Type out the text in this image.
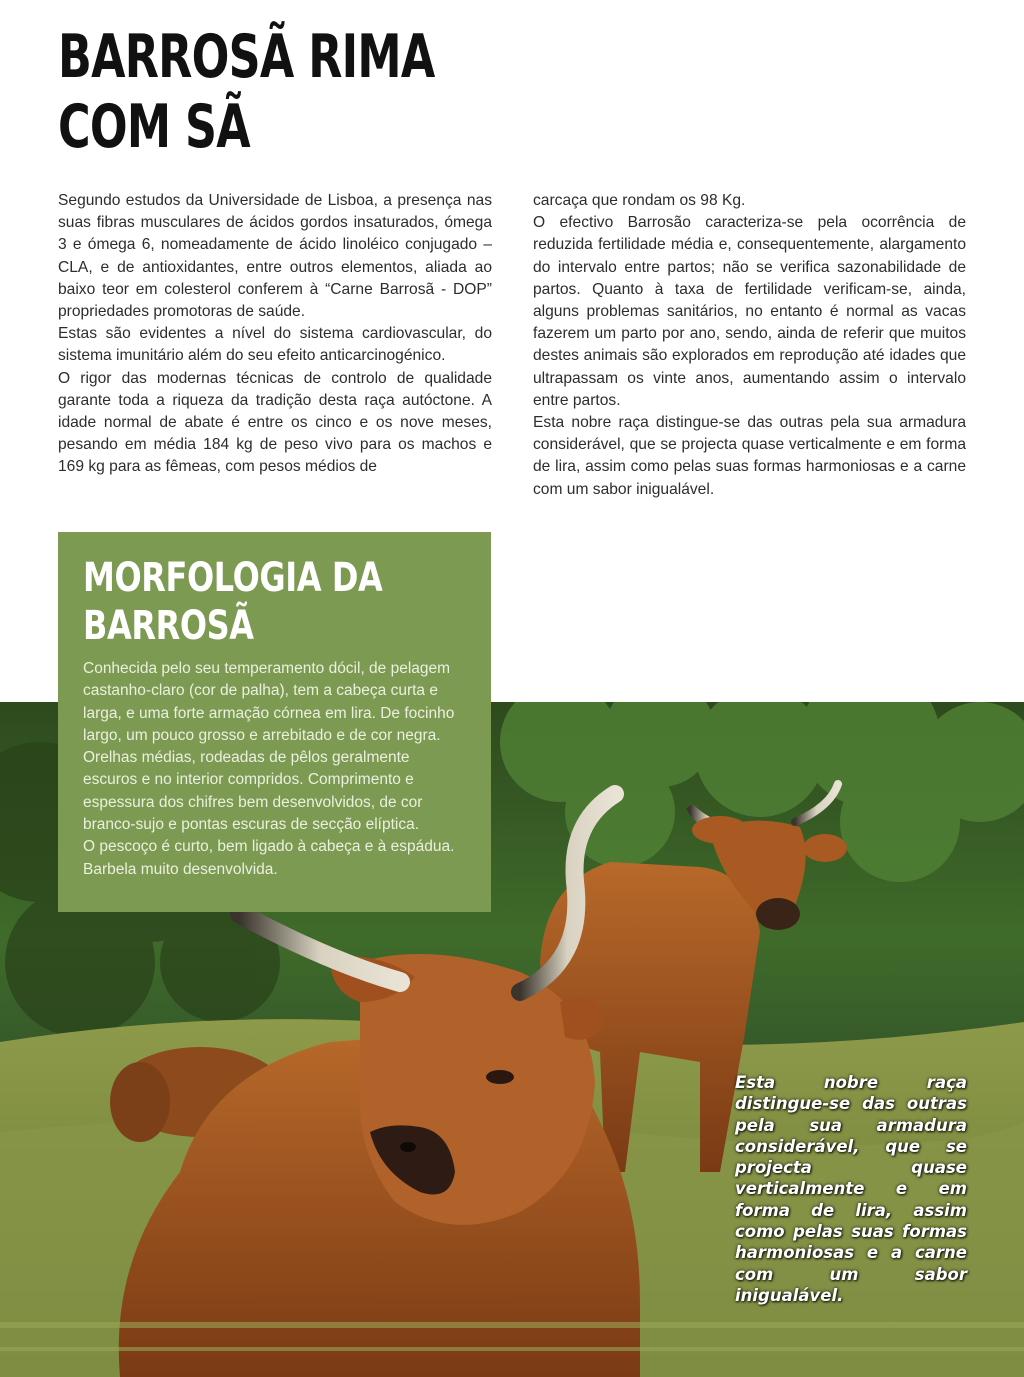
BARROSÃ RIMA
COM SÃ

Segundo estudos da Universidade de Lisboa, a presença nas suas fibras musculares de ácidos gordos insaturados, ómega 3 e ómega 6, nomeadamente de ácido linoléico conjugado – CLA, e de antioxidantes, entre outros elementos, aliada ao baixo teor em colesterol conferem à “Carne Barrosã - DOP” propriedades promotoras de saúde.

Estas são evidentes a nível do sistema cardiovascular, do sistema imunitário além do seu efeito anticarcinogénico.

O rigor das modernas técnicas de controlo de qualidade garante toda a riqueza da tradição desta raça autóctone. A idade normal de abate é entre os cinco e os nove meses, pesando em média 184 kg de peso vivo para os machos e 169 kg para as fêmeas, com pesos médios de

carcaça que rondam os 98 Kg.

O efectivo Barrosão caracteriza-se pela ocorrência de reduzida fertilidade média e, consequentemente, alargamento do intervalo entre partos; não se verifica sazonabilidade de partos. Quanto à taxa de fertilidade verificam-se, ainda, alguns problemas sanitários, no entanto é normal as vacas fazerem um parto por ano, sendo, ainda de referir que muitos destes animais são explorados em reprodução até idades que ultrapassam os vinte anos, aumentando assim o intervalo entre partos.

Esta nobre raça distingue-se das outras pela sua armadura considerável, que se projecta quase verticalmente e em forma de lira, assim como pelas suas formas harmoniosas e a carne com um sabor inigualável.

MORFOLOGIA DA
BARROSÃ

Conhecida pelo seu temperamento dócil, de pelagem castanho-claro (cor de palha), tem a cabeça curta e larga, e uma forte armação córnea em lira. De focinho largo, um pouco grosso e arrebitado e de cor negra. Orelhas médias, rodeadas de pêlos geralmente escuros e no interior compridos. Comprimento e espessura dos chifres bem desenvolvidos, de cor branco-sujo e pontas escuras de secção elíptica.

O pescoço é curto, bem ligado à cabeça e à espádua. Barbela muito desenvolvida.

Esta nobre raça distingue-se das outras pela sua armadura considerável, que se projecta quase verticalmente e em forma de lira, assim como pelas suas formas harmoniosas e a carne com um sabor inigualável.
